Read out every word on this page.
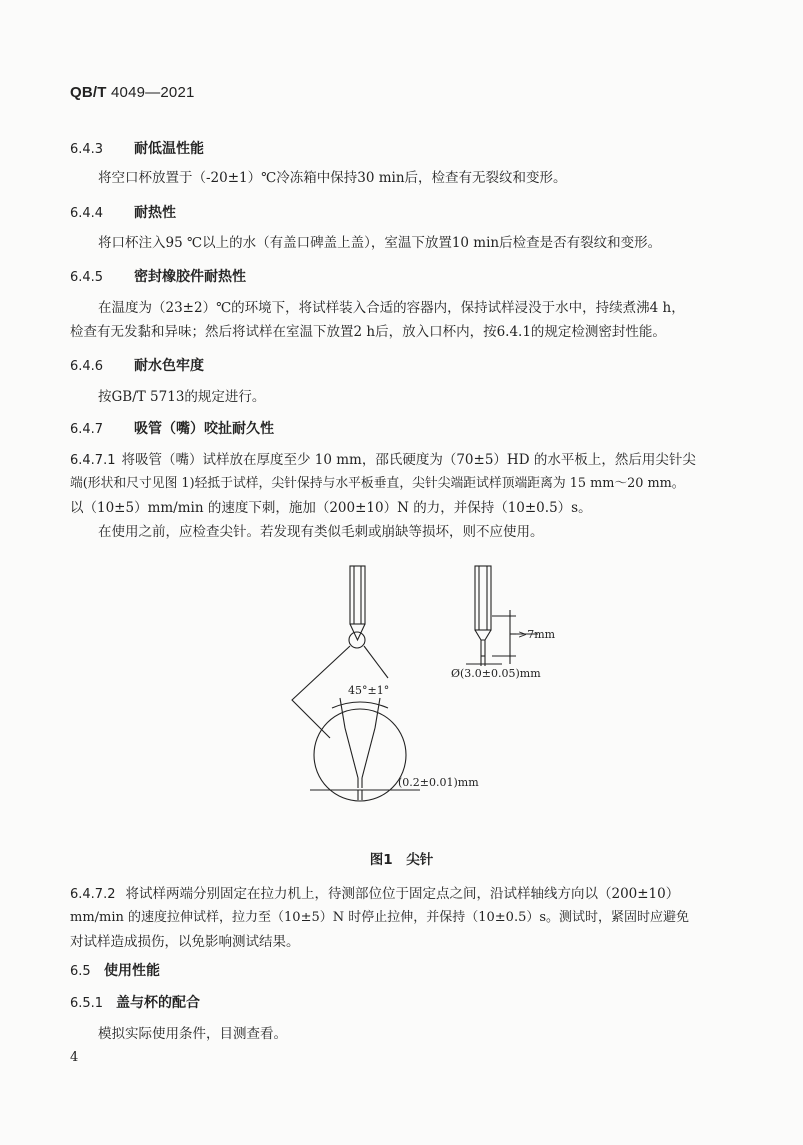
QB/T 4049—2021
6.4.3 耐低温性能
将空口杯放置于（-20±1）℃冷冻箱中保持30 min后，检查有无裂纹和变形。
6.4.4 耐热性
将口杯注入95 ℃以上的水（有盖口碑盖上盖），室温下放置10 min后检查是否有裂纹和变形。
6.4.5 密封橡胶件耐热性
在温度为（23±2）℃的环境下，将试样装入合适的容器内，保持试样浸没于水中，持续煮沸4 h，
检查有无发黏和异味；然后将试样在室温下放置2 h后，放入口杯内，按6.4.1的规定检测密封性能。
6.4.6 耐水色牢度
按GB/T 5713的规定进行。
6.4.7 吸管（嘴）咬扯耐久性
6.4.7.1 将吸管（嘴）试样放在厚度至少 10 mm，邵氏硬度为（70±5）HD 的水平板上，然后用尖针尖
端(形状和尺寸见图 1)轻抵于试样，尖针保持与水平板垂直，尖针尖端距试样顶端距离为 15 mm～20 mm。
以（10±5）mm/min 的速度下刺，施加（200±10）N 的力，并保持（10±0.5）s。
在使用之前，应检查尖针。若发现有类似毛刺或崩缺等损坏，则不应使用。
45°±1°
(0.2±0.01)mm
>7mm
Ø(3.0±0.05)mm
图1　尖针
6.4.7.2 将试样两端分别固定在拉力机上，待测部位位于固定点之间，沿试样轴线方向以（200±10）
mm/min 的速度拉伸试样，拉力至（10±5）N 时停止拉伸，并保持（10±0.5）s。测试时，紧固时应避免
对试样造成损伤，以免影响测试结果。
6.5 使用性能
6.5.1 盖与杯的配合
模拟实际使用条件，目测查看。
4
